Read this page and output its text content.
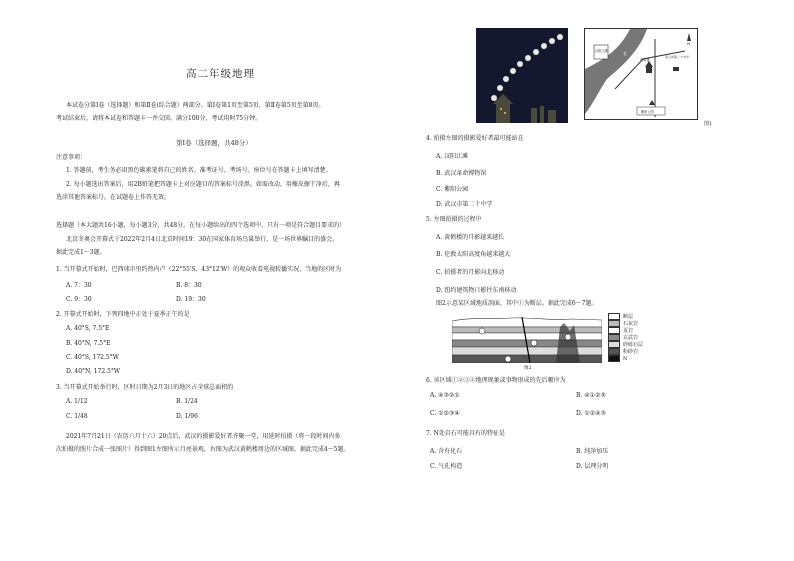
高二年级地理
本试卷分第Ⅰ卷（选择题）和第Ⅱ卷(综合题）两部分。第Ⅰ卷第1页至第5页，第Ⅱ卷第5页至第8页。
考试结束后，请将本试卷和答题卡一并交回。满分100分，考试用时75分钟。
第Ⅰ卷（选择题，共48分）
注意事项：
1. 答题前，考生务必用黑色碳素笔将自己的姓名、准考证号、考场号、座位号在答题卡上填写清楚。
2. 每小题选出答案后，用2B铅笔把答题卡上对应题目的答案标号涂黑。如需改动，用橡皮擦干净后，再
选涂其他答案标号。在试题卷上作答无效。
选择题（本大题共16小题，每小题3分，共48分。在每小题给出的四个选项中，只有一项是符合题目要求的）
北京冬奥会开幕式于2022年2月4日北京时间19：30在国家体育场鸟巢举行，是一场世界瞩目的盛会。
据此完成1～3题。
1. 当开幕式开始时，巴西球市里约热内卢（22°55′S，43°12′W）的观众收看电视转播实况，当地的区时为
A. 7：30	B. 8：30
C. 9：30	D. 19：30
2. 开幕式开始时，下列四地中正处于夏季正午的是
A. 40°S, 7.5°E
B. 40°N, 7.5°E
C. 40°S, 172.5°W
D. 40°N, 172.5°W
3. 当开幕式开始举行时，区时日期为2月3日的地区占全球总面积的
A. 1/12	B. 1/24
C. 1/48	D. 1/96
2021年7月21日（农历六月十六）20点后，武汉的摄影爱好者齐聚一堂，用延时拍摄（将一段时间内多
次拍摄的照片合成一张图片）得到图1左图所示月亮景观，右图为武汉黄鹤楼周边的区域图。据此完成4～5题。
汉阳江滩
黄鹤楼
武汉市第二十中学
紫阳公园
江
长
N
图1
4. 拍摄左图的摄影爱好者最可能站在
A. 汉阳江滩
B. 武汉革命博物馆
C. 紫阳公园
D. 武汉市第二十中学
5. 左图拍摄的过程中
A. 黄鹤楼的月影越来越长
B. 伦敦太阳高度角越来越大
C. 拍摄者的月影向北移动
D. 纽约建筑物日影往东南移动
图2示意某区域地质剖面，其中①为断层。据此完成6～7题。
断层
石灰岩
页岩
玄武岩
砂砾石层
粉砂岩
N
图2
6. 该区域①②③④地理现象或事物形成的先后顺序为
A. ④③②①	B. ④①②③
C. ①②③④	D. ①②④③
7. N处岩石可能具有的特征是
A. 含有化石	B. 纯净加压
C. 气孔构造	D. 层理分明
